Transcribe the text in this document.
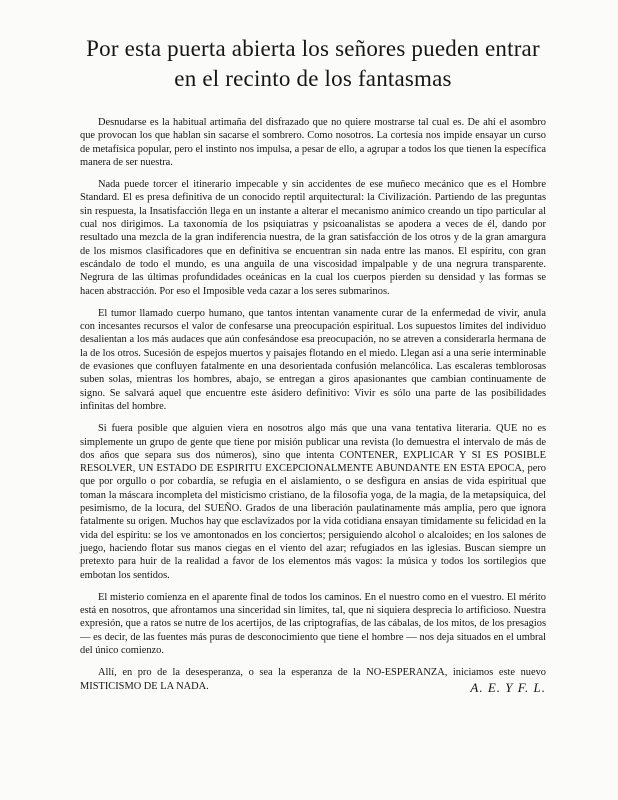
Por esta puerta abierta los señores pueden entrar
en el recinto de los fantasmas

Desnudarse es la habitual artimaña del disfrazado que no quiere mostrarse tal cual es. De ahí el asombro que provocan los que hablan sin sacarse el sombrero. Como nosotros. La cortesía nos impide ensayar un curso de metafísica popular, pero el instinto nos impulsa, a pesar de ello, a agrupar a todos los que tienen la específica manera de ser nuestra.

Nada puede torcer el itinerario impecable y sin accidentes de ese muñeco mecánico que es el Hombre Standard. El es presa definitiva de un conocido reptil arquitectural: la Civilización. Partiendo de las preguntas sin respuesta, la Insatisfacción llega en un instante a alterar el mecanismo anímico creando un tipo particular al cual nos dirigimos. La taxonomía de los psiquiatras y psicoanalistas se apodera a veces de él, dando por resultado una mezcla de la gran indiferencia nuestra, de la gran satisfacción de los otros y de la gran amargura de los mismos clasificadores que en definitiva se encuentran sin nada entre las manos. El espíritu, con gran escándalo de todo el mundo, es una anguila de una viscosidad impalpable y de una negrura transparente. Negrura de las últimas profundidades oceánicas en la cual los cuerpos pierden su densidad y las formas se hacen abstracción. Por eso el Imposible veda cazar a los seres submarinos.

El tumor llamado cuerpo humano, que tantos intentan vanamente curar de la enfermedad de vivir, anula con incesantes recursos el valor de confesarse una preocupación espiritual. Los supuestos límites del individuo desalientan a los más audaces que aún confesándose esa preocupación, no se atreven a considerarla hermana de la de los otros. Sucesión de espejos muertos y paisajes flotando en el miedo. Llegan así a una serie interminable de evasiones que confluyen fatalmente en una desorientada confusión melancólica. Las escaleras temblorosas suben solas, mientras los hombres, abajo, se entregan a giros apasionantes que cambian continuamente de signo. Se salvará aquel que encuentre este ásidero definitivo: Vivir es sólo una parte de las posibilidades infinitas del hombre.

Si fuera posible que alguien viera en nosotros algo más que una vana tentativa literaria. QUE no es simplemente un grupo de gente que tiene por misión publicar una revista (lo demuestra el intervalo de más de dos años que separa sus dos números), sino que intenta CONTENER, EXPLICAR Y SI ES POSIBLE RESOLVER, UN ESTADO DE ESPIRITU EXCEPCIONALMENTE ABUNDANTE EN ESTA EPOCA, pero que por orgullo o por cobardía, se refugia en el aislamiento, o se desfigura en ansias de vida espiritual que toman la máscara incompleta del misticismo cristiano, de la filosofía yoga, de la magia, de la metapsíquica, del pesimismo, de la locura, del SUEÑO. Grados de una liberación paulatinamente más amplia, pero que ignora fatalmente su origen. Muchos hay que esclavizados por la vida cotidiana ensayan tímidamente su felicidad en la vida del espíritu: se los ve amontonados en los conciertos; persiguiendo alcohol o alcaloides; en los salones de juego, haciendo flotar sus manos ciegas en el viento del azar; refugiados en las iglesias. Buscan siempre un pretexto para huir de la realidad a favor de los elementos más vagos: la música y todos los sortilegios que embotan los sentidos.

El misterio comienza en el aparente final de todos los caminos. En el nuestro como en el vuestro. El mérito está en nosotros, que afrontamos una sinceridad sin límites, tal, que ni siquiera desprecia lo artificioso. Nuestra expresión, que a ratos se nutre de los acertijos, de las criptografías, de las cábalas, de los mitos, de los presagios — es decir, de las fuentes más puras de desconocimiento que tiene el hombre — nos deja situados en el umbral del único comienzo.

Allí, en pro de la desesperanza, o sea la esperanza de la NO-ESPERANZA, iniciamos este nuevo MISTICISMO DE LA NADA.	A. E. Y F. L.
